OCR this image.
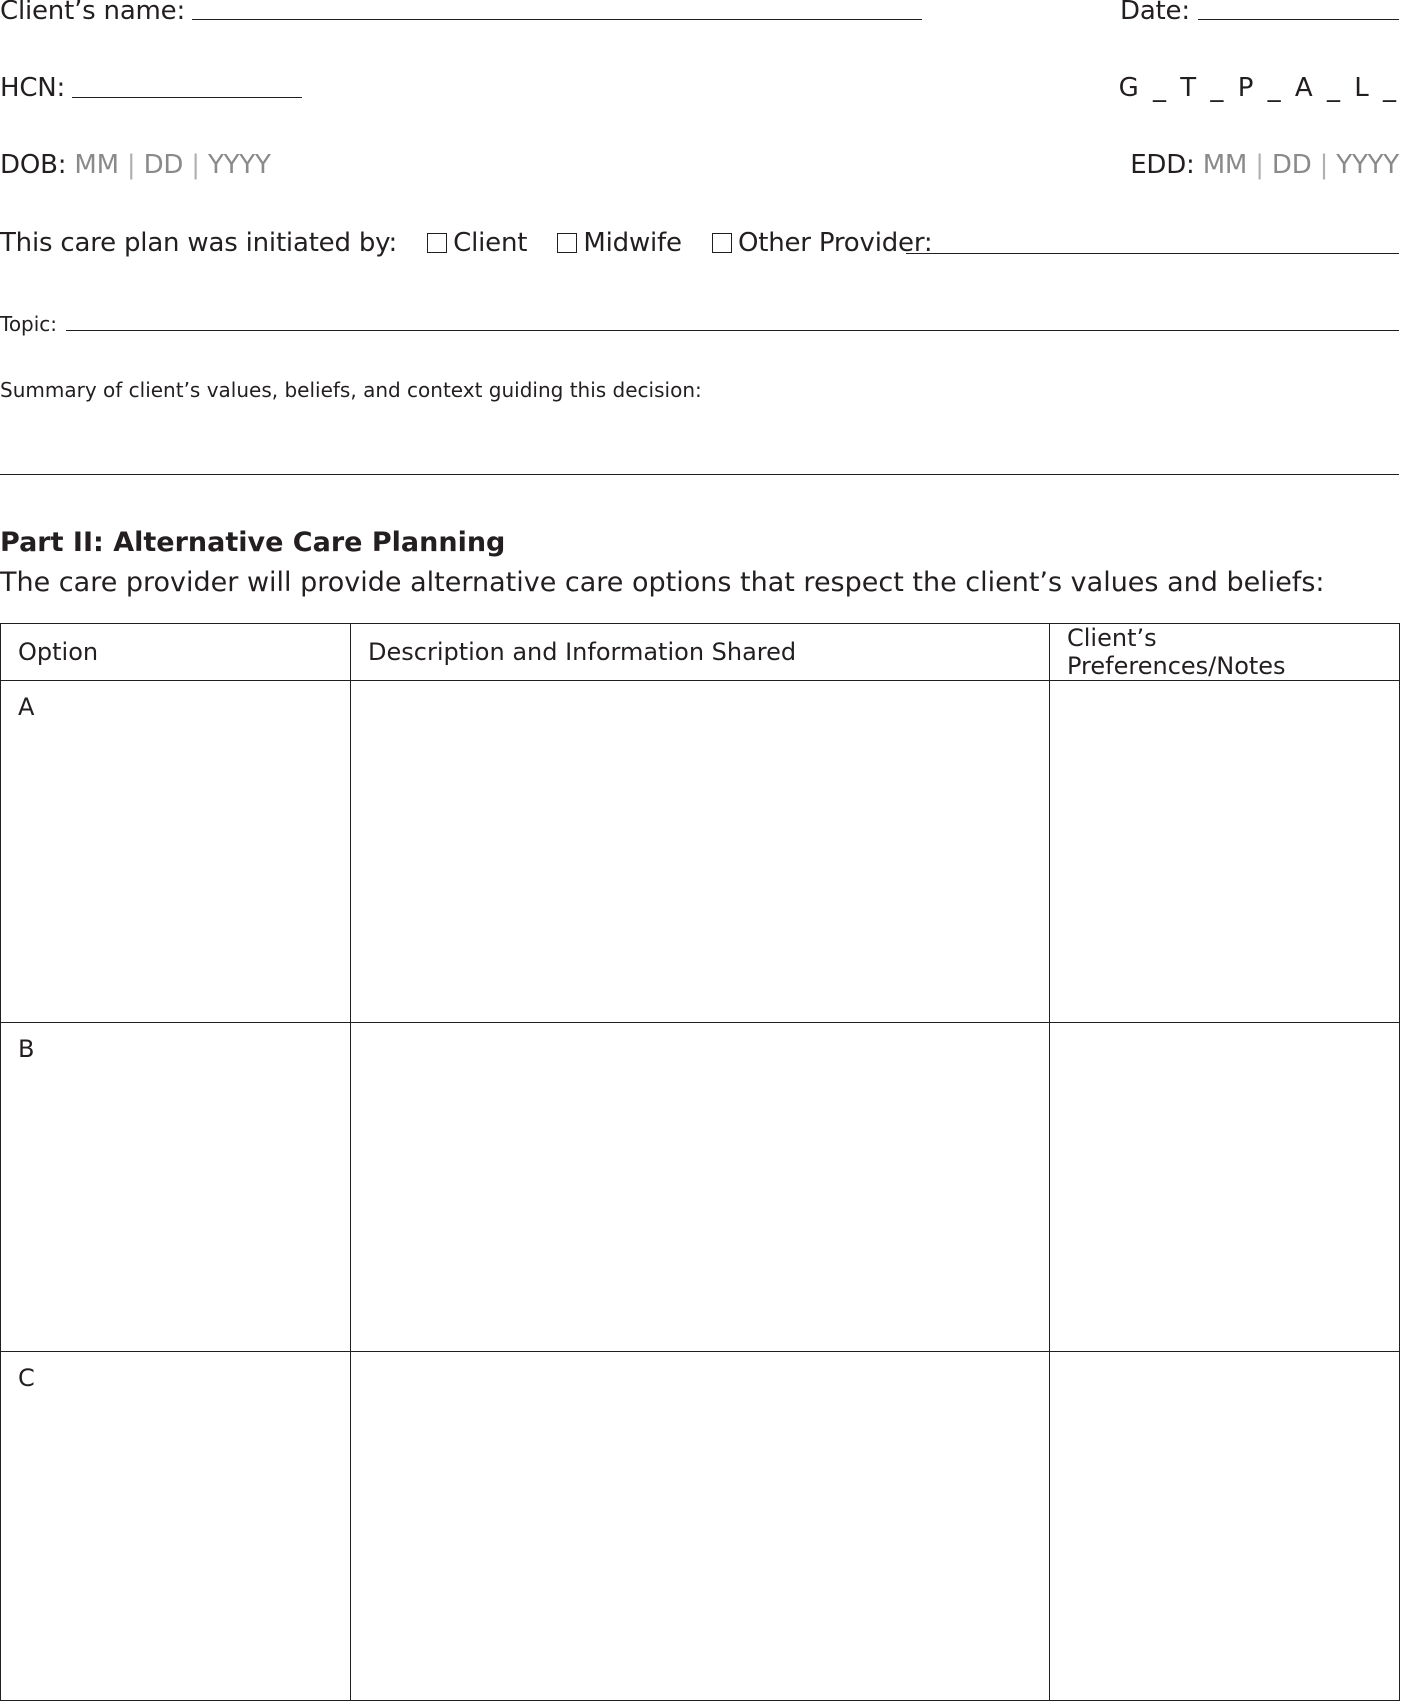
Client’s name:	Date:
HCN:	G _ T _ P _ A _ L _
DOB: MM | DD | YYYY	EDD: MM | DD | YYYY
This care plan was initiated by: Client Midwife Other Provider:
Topic:
Summary of client’s values, beliefs, and context guiding this decision:
Part II: Alternative Care Planning
The care provider will provide alternative care options that respect the client’s values and beliefs:
Option	Description and Information Shared	Client’s Preferences/Notes
A		
B		
C		
